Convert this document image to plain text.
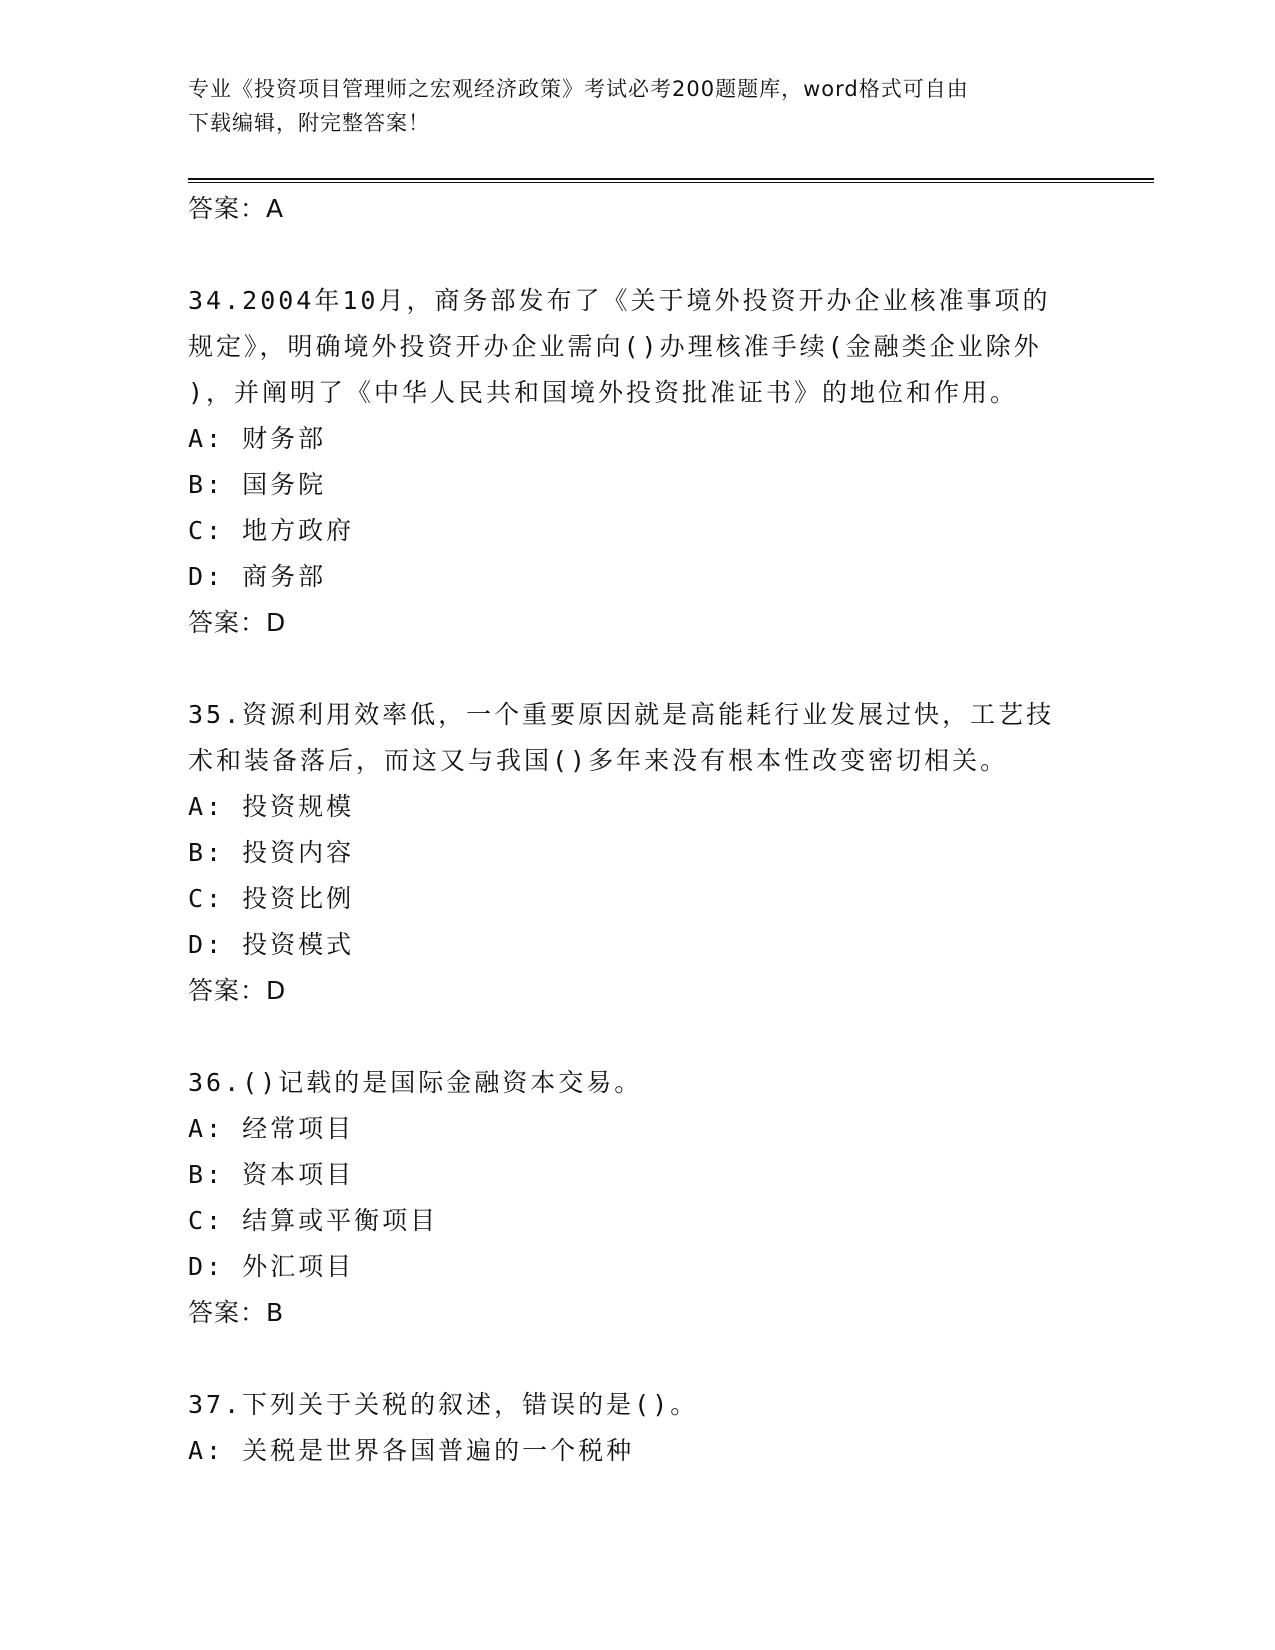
专业《投资项目管理师之宏观经济政策》考试必考200题题库，word格式可自由
下载编辑，附完整答案！
答案：A
34.2004年10月，商务部发布了《关于境外投资开办企业核准事项的
规定》，明确境外投资开办企业需向()办理核准手续(金融类企业除外
)，并阐明了《中华人民共和国境外投资批准证书》的地位和作用。
A: 财务部
B: 国务院
C: 地方政府
D: 商务部
答案：D
35.资源利用效率低，一个重要原因就是高能耗行业发展过快，工艺技
术和装备落后，而这又与我国()多年来没有根本性改变密切相关。
A: 投资规模
B: 投资内容
C: 投资比例
D: 投资模式
答案：D
36.()记载的是国际金融资本交易。
A: 经常项目
B: 资本项目
C: 结算或平衡项目
D: 外汇项目
答案：B
37.下列关于关税的叙述，错误的是()。
A: 关税是世界各国普遍的一个税种
